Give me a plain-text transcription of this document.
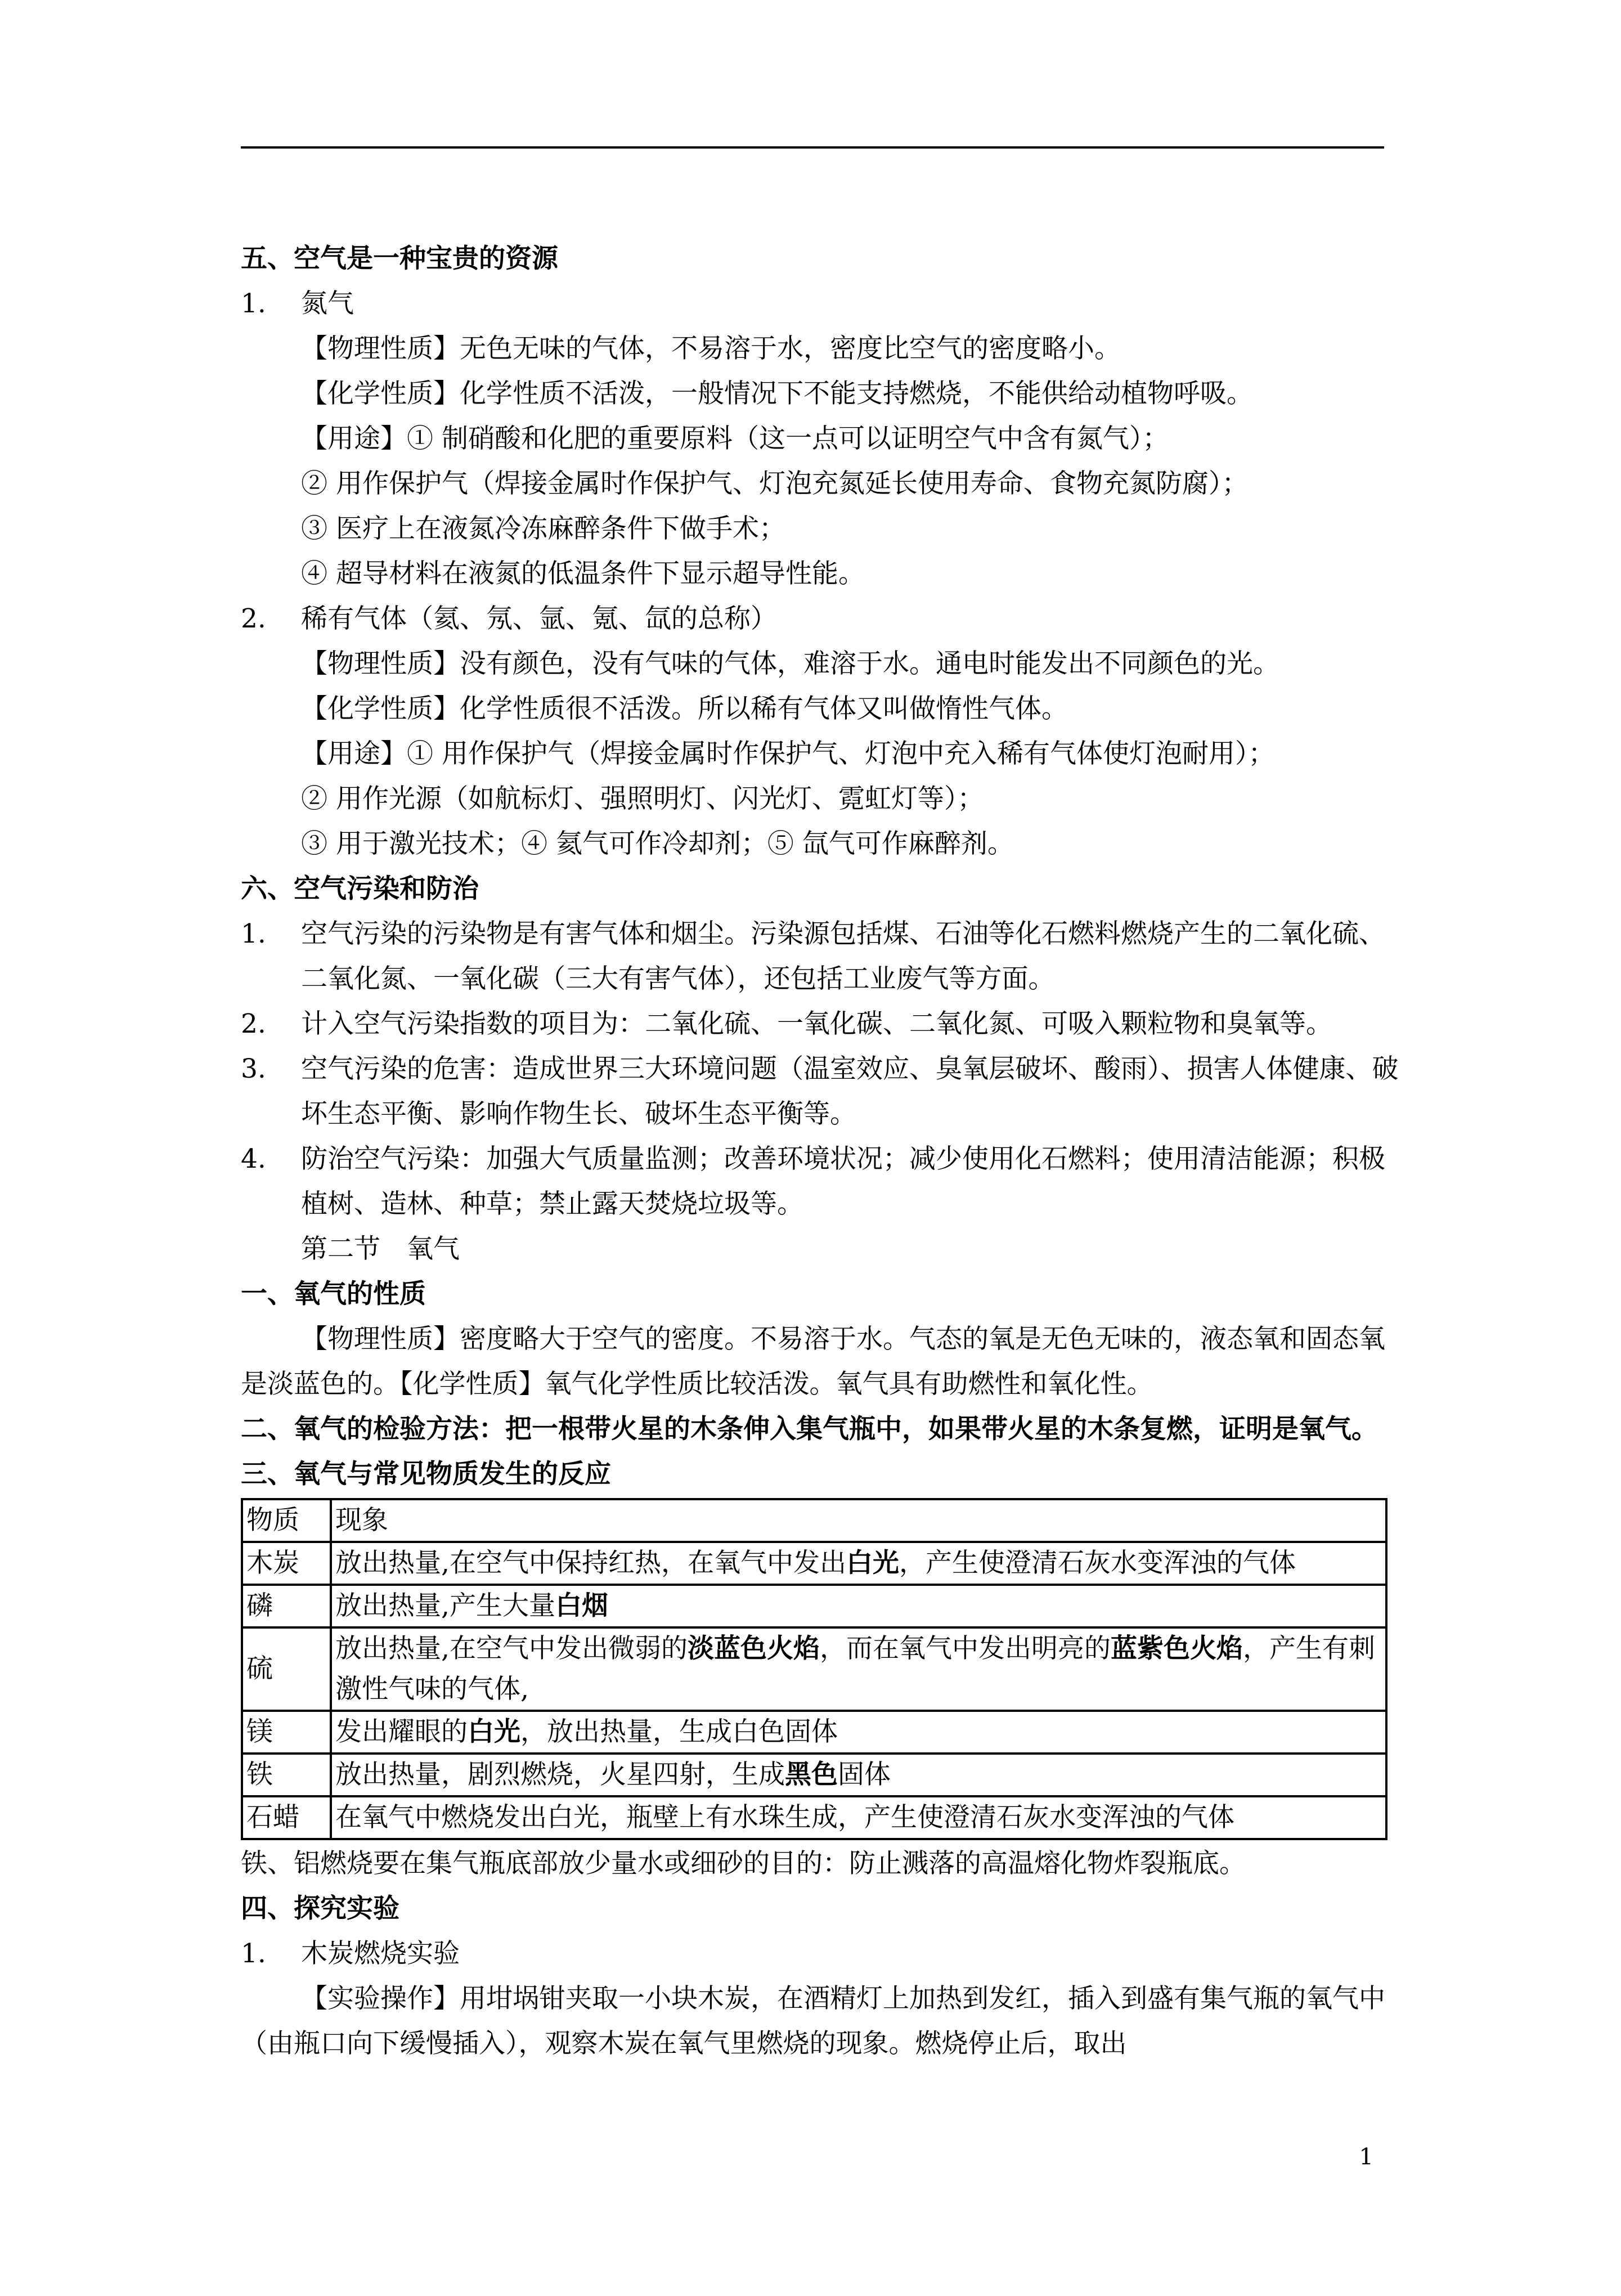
五、空气是一种宝贵的资源
1. 氮气
【物理性质】无色无味的气体，不易溶于水，密度比空气的密度略小。
【化学性质】化学性质不活泼，一般情况下不能支持燃烧，不能供给动植物呼吸。
【用途】① 制硝酸和化肥的重要原料（这一点可以证明空气中含有氮气）；
② 用作保护气（焊接金属时作保护气、灯泡充氮延长使用寿命、食物充氮防腐）；
③ 医疗上在液氮冷冻麻醉条件下做手术；
④ 超导材料在液氮的低温条件下显示超导性能。
2. 稀有气体（氦、氖、氩、氪、氙的总称）
【物理性质】没有颜色，没有气味的气体，难溶于水。通电时能发出不同颜色的光。
【化学性质】化学性质很不活泼。所以稀有气体又叫做惰性气体。
【用途】① 用作保护气（焊接金属时作保护气、灯泡中充入稀有气体使灯泡耐用）；
② 用作光源（如航标灯、强照明灯、闪光灯、霓虹灯等）；
③ 用于激光技术；④ 氦气可作冷却剂；⑤ 氙气可作麻醉剂。
六、空气污染和防治
1.	空气污染的污染物是有害气体和烟尘。污染源包括煤、石油等化石燃料燃烧产生的二氧化硫、二氧化氮、一氧化碳（三大有害气体），还包括工业废气等方面。
2.	计入空气污染指数的项目为：二氧化硫、一氧化碳、二氧化氮、可吸入颗粒物和臭氧等。
3.	空气污染的危害：造成世界三大环境问题（温室效应、臭氧层破坏、酸雨）、损害人体健康、破坏生态平衡、影响作物生长、破坏生态平衡等。
4.	防治空气污染：加强大气质量监测；改善环境状况；减少使用化石燃料；使用清洁能源；积极植树、造林、种草；禁止露天焚烧垃圾等。
第二节　氧气
一、氧气的性质
【物理性质】密度略大于空气的密度。不易溶于水。气态的氧是无色无味的，液态氧和固态氧是淡蓝色的。【化学性质】氧气化学性质比较活泼。氧气具有助燃性和氧化性。
二、氧气的检验方法：把一根带火星的木条伸入集气瓶中，如果带火星的木条复燃，证明是氧气。
三、氧气与常见物质发生的反应
物质	现象
木炭	放出热量,在空气中保持红热，在氧气中发出白光，产生使澄清石灰水变浑浊的气体
磷	放出热量,产生大量白烟
硫	放出热量,在空气中发出微弱的淡蓝色火焰，而在氧气中发出明亮的蓝紫色火焰，产生有刺激性气味的气体,
镁	发出耀眼的白光，放出热量，生成白色固体
铁	放出热量，剧烈燃烧，火星四射，生成黑色固体
石蜡	在氧气中燃烧发出白光，瓶壁上有水珠生成，产生使澄清石灰水变浑浊的气体
铁、铝燃烧要在集气瓶底部放少量水或细砂的目的：防止溅落的高温熔化物炸裂瓶底。
四、探究实验
1. 木炭燃烧实验
【实验操作】用坩埚钳夹取一小块木炭，在酒精灯上加热到发红，插入到盛有集气瓶的氧气中（由瓶口向下缓慢插入），观察木炭在氧气里燃烧的现象。燃烧停止后，取出
1
